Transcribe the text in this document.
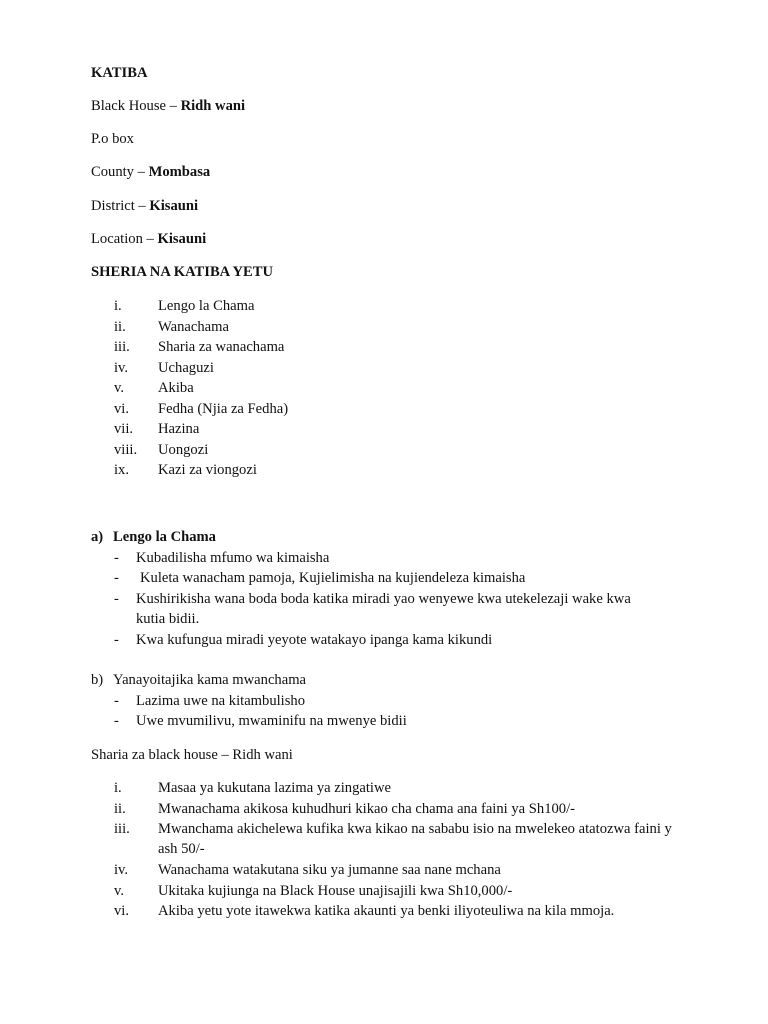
KATIBA
Black House – Ridh wani
P.o box
County – Mombasa
District – Kisauni
Location – Kisauni
SHERIA NA KATIBA YETU
i. Lengo la Chama
ii. Wanachama
iii. Sharia za wanachama
iv. Uchaguzi
v. Akiba
vi. Fedha (Njia za Fedha)
vii. Hazina
viii. Uongozi
ix. Kazi za viongozi
a) Lengo la Chama
- Kubadilisha mfumo wa kimaisha
- Kuleta wanacham pamoja, Kujielimisha na kujiendeleza kimaisha
- Kushirikisha wana boda boda katika miradi yao wenyewe kwa utekelezaji wake kwa kutia bidii.
- Kwa kufungua miradi yeyote watakayo ipanga kama kikundi
b) Yanayoitajika kama mwanchama
- Lazima uwe na kitambulisho
- Uwe mvumilivu, mwaminifu na mwenye bidii
Sharia za black house – Ridh wani
i. Masaa ya kukutana lazima ya zingatiwe
ii. Mwanachama akikosa kuhudhuri kikao cha chama ana faini ya Sh100/-
iii. Mwanchama akichelewa kufika kwa kikao na sababu isio na mwelekeo atatozwa faini y ash 50/-
iv. Wanachama watakutana siku ya jumanne saa nane mchana
v. Ukitaka kujiunga na Black House unajisajili kwa Sh10,000/-
vi. Akiba yetu yote itawekwa katika akaunti ya benki iliyoteuliwa na kila mmoja.
